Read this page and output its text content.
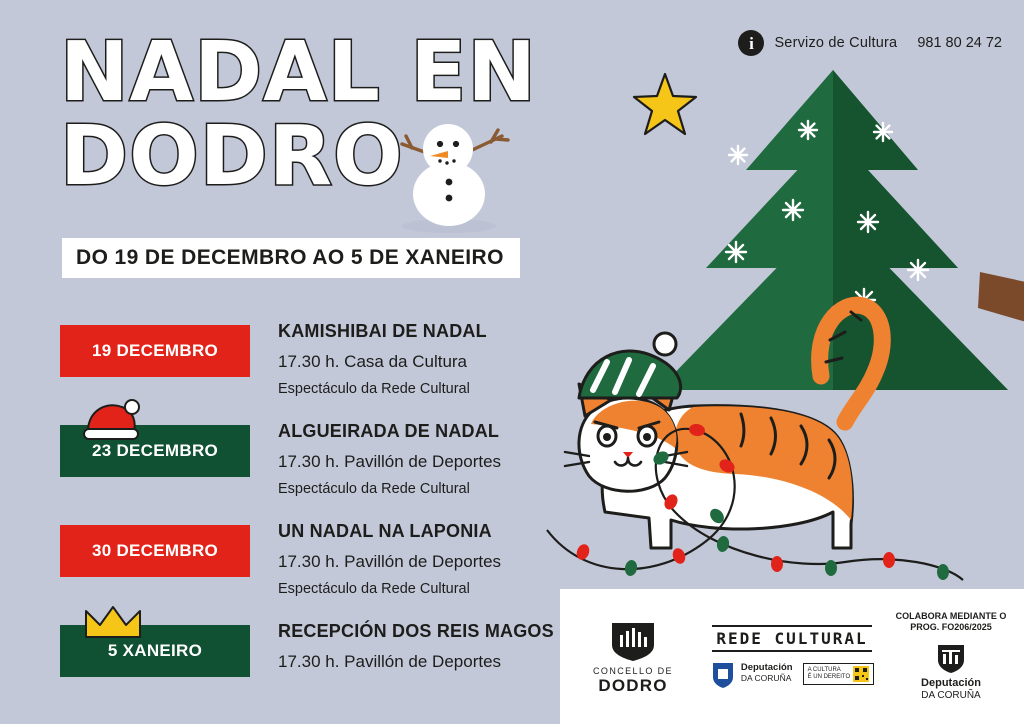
i	Servizo de Cultura 981 80 24 72
NADAL EN
DODRO
DO 19 DE DECEMBRO AO 5 DE XANEIRO
19 DECEMBRO

KAMISHIBAI DE NADAL

17.30 h. Casa da Cultura

Espectáculo da Rede Cultural

23 DECEMBRO

ALGUEIRADA DE NADAL

17.30 h. Pavillón de Deportes

Espectáculo da Rede Cultural

30 DECEMBRO

UN NADAL NA LAPONIA

17.30 h. Pavillón de Deportes

Espectáculo da Rede Cultural

5 XANEIRO

RECEPCIÓN DOS REIS MAGOS

17.30 h. Pavillón de Deportes	CONCELLO DE
DODRO
REDE CULTURAL
Deputación
DA CORUÑA
A CULTURA
É UN DEREITO
COLABORA MEDIANTE O PROG. FO206/2025
Deputación
DA CORUÑA
